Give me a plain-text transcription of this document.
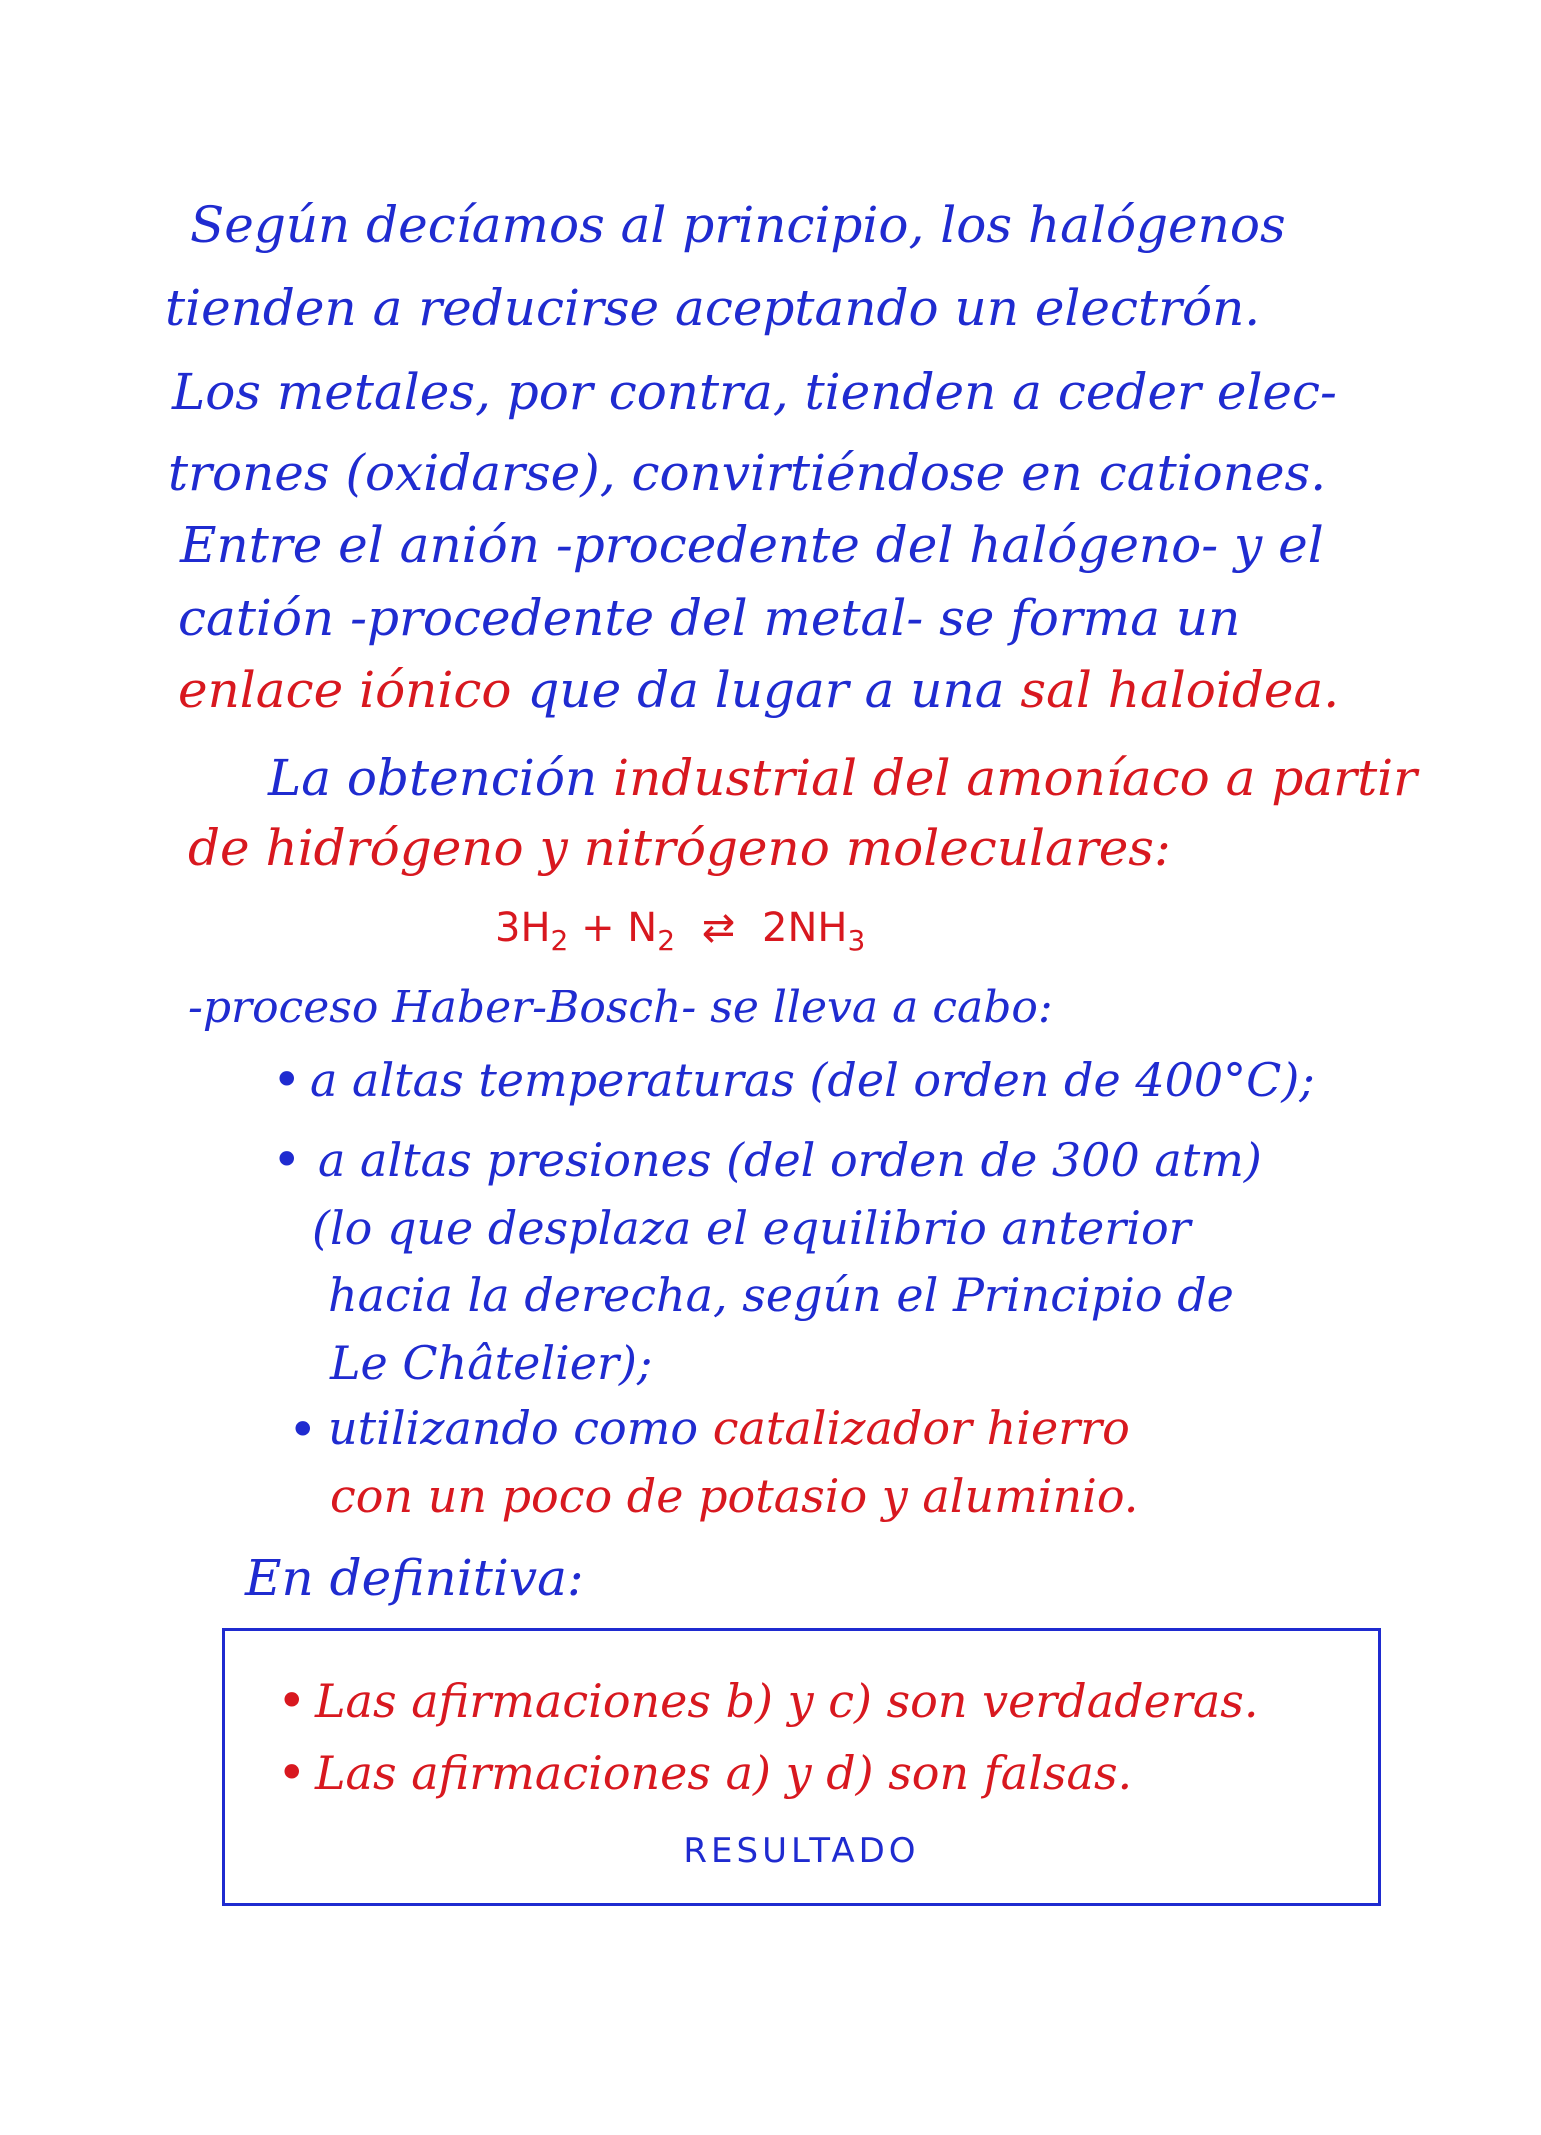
Según decíamos al principio, los halógenos
tienden a reducirse aceptando un electrón.
Los metales, por contra, tienden a ceder elec-
trones (oxidarse), convirtiéndose en cationes.
Entre el anión -procedente del halógeno- y el
catión -procedente del metal- se forma un
enlace iónico que da lugar a una sal haloidea.
La obtención industrial del amoníaco a partir
de hidrógeno y nitrógeno moleculares:
$3H_2 + N_2$ ⇄ $2NH_3$
-proceso Haber-Bosch- se lleva a cabo:
• a altas temperaturas (del orden de 400°C);
• a altas presiones (del orden de 300 atm)
(lo que desplaza el equilibrio anterior
hacia la derecha, según el Principio de
Le Châtelier);
• utilizando como catalizador hierro
con un poco de potasio y aluminio.
En definitiva:
• Las afirmaciones b) y c) son verdaderas.
• Las afirmaciones a) y d) son falsas.
RESULTADO
